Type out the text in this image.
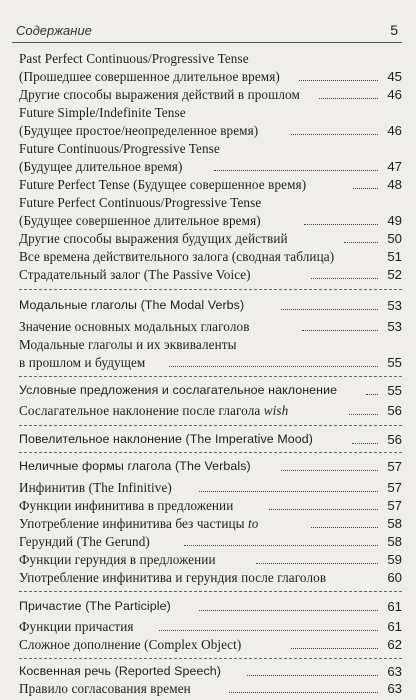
Содержание	5
Past Perfect Continuous/Progressive Tense
(Прошедшее совершенное длительное время)	45
Другие способы выражения действий в прошлом	46
Future Simple/Indefinite Tense
(Будущее простое/неопределенное время)	46
Future Continuous/Progressive Tense
(Будущее длительное время)	47
Future Perfect Tense (Будущее совершенное время)	48
Future Perfect Continuous/Progressive Tense
(Будущее совершенное длительное время)	49
Другие способы выражения будущих действий	50
Все времена действительного залога (сводная таблица)	51
Страдательный залог (The Passive Voice)	52
Модальные глаголы (The Modal Verbs)	53
Значение основных модальных глаголов	53
Модальные глаголы и их эквиваленты
в прошлом и будущем	55
Условные предложения и сослагательное наклонение	55
Сослагательное наклонение после глагола wish	56
Повелительное наклонение (The Imperative Mood)	56
Неличные формы глагола (The Verbals)	57
Инфинитив (The Infinitive)	57
Функции инфинитива в предложении	57
Употребление инфинитива без частицы to	58
Герундий (The Gerund)	58
Функции герундия в предложении	59
Употребление инфинитива и герундия после глаголов	60
Причастие (The Participle)	61
Функции причастия	61
Сложное дополнение (Complex Object)	62
Косвенная речь (Reported Speech)	63
Правило согласования времен	63
